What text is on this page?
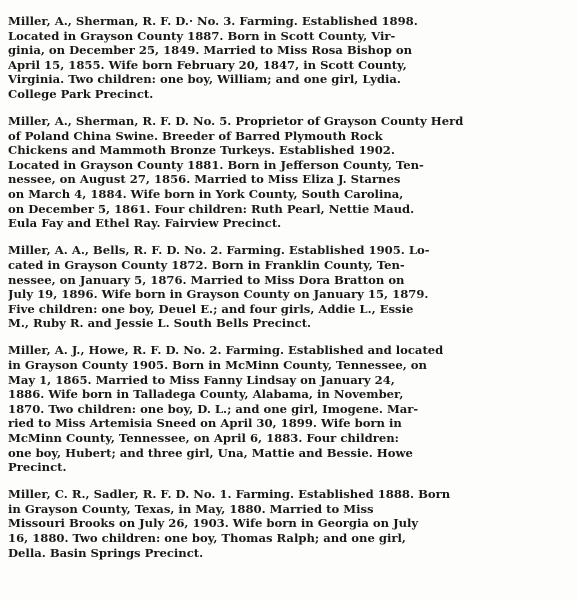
Miller, A., Sherman, R. F. D.· No. 3. Farming. Established 1898.
Located in Grayson County 1887. Born in Scott County, Vir-
ginia, on December 25, 1849. Married to Miss Rosa Bishop on
April 15, 1855. Wife born February 20, 1847, in Scott County,
Virginia. Two children: one boy, William; and one girl, Lydia.
College Park Precinct.
Miller, A., Sherman, R. F. D. No. 5. Proprietor of Grayson County Herd
of Poland China Swine. Breeder of Barred Plymouth Rock
Chickens and Mammoth Bronze Turkeys. Established 1902.
Located in Grayson County 1881. Born in Jefferson County, Ten-
nessee, on August 27, 1856. Married to Miss Eliza J. Starnes
on March 4, 1884. Wife born in York County, South Carolina,
on December 5, 1861. Four children: Ruth Pearl, Nettie Maud.
Eula Fay and Ethel Ray. Fairview Precinct.
Miller, A. A., Bells, R. F. D. No. 2. Farming. Established 1905. Lo-
cated in Grayson County 1872. Born in Franklin County, Ten-
nessee, on January 5, 1876. Married to Miss Dora Bratton on
July 19, 1896. Wife born in Grayson County on January 15, 1879.
Five children: one boy, Deuel E.; and four girls, Addie L., Essie
M., Ruby R. and Jessie L. South Bells Precinct.
Miller, A. J., Howe, R. F. D. No. 2. Farming. Established and located
in Grayson County 1905. Born in McMinn County, Tennessee, on
May 1, 1865. Married to Miss Fanny Lindsay on January 24,
1886. Wife born in Talladega County, Alabama, in November,
1870. Two children: one boy, D. L.; and one girl, Imogene. Mar-
ried to Miss Artemisia Sneed on April 30, 1899. Wife born in
McMinn County, Tennessee, on April 6, 1883. Four children:
one boy, Hubert; and three girl, Una, Mattie and Bessie. Howe
Precinct.
Miller, C. R., Sadler, R. F. D. No. 1. Farming. Established 1888. Born
in Grayson County, Texas, in May, 1880. Married to Miss
Missouri Brooks on July 26, 1903. Wife born in Georgia on July
16, 1880. Two children: one boy, Thomas Ralph; and one girl,
Della. Basin Springs Precinct.
